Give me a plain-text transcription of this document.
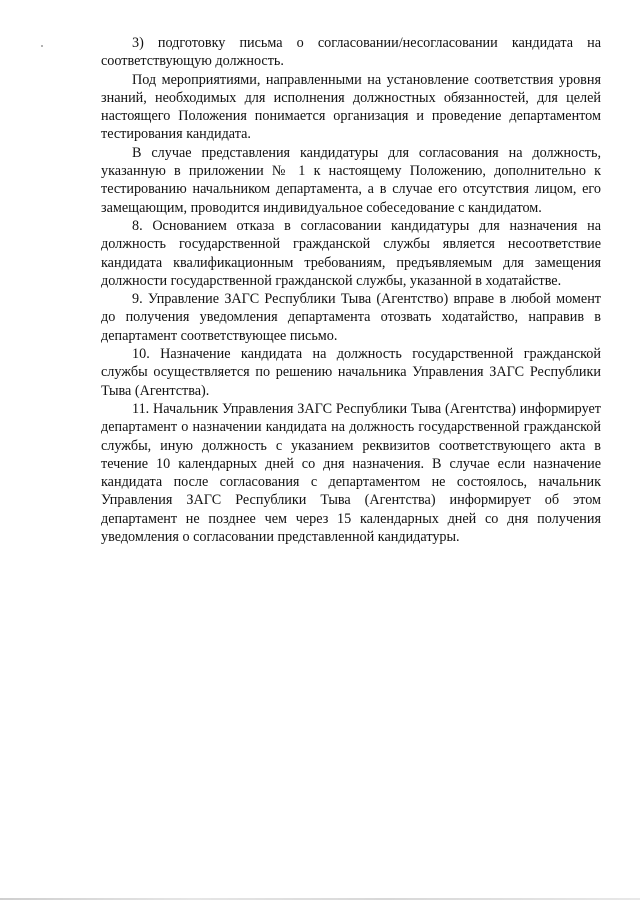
3) подготовку письма о согласовании/несогласовании кандидата на соответствующую должность.

Под мероприятиями, направленными на установление соответствия уровня знаний, необходимых для исполнения должностных обязанностей, для целей настоящего Положения понимается организация и проведение департаментом тестирования кандидата.

В случае представления кандидатуры для согласования на должность, указанную в приложении № 1 к настоящему Положению, дополнительно к тестированию начальником департамента, а в случае его отсутствия лицом, его замещающим, проводится индивидуальное собеседование с кандидатом.

8. Основанием отказа в согласовании кандидатуры для назначения на должность государственной гражданской службы является несоответствие кандидата квалификационным требованиям, предъявляемым для замещения должности государственной гражданской службы, указанной в ходатайстве.

9. Управление ЗАГС Республики Тыва (Агентство) вправе в любой момент до получения уведомления департамента отозвать ходатайство, направив в департамент соответствующее письмо.

10. Назначение кандидата на должность государственной гражданской службы осуществляется по решению начальника Управления ЗАГС Республики Тыва (Агентства).

11. Начальник Управления ЗАГС Республики Тыва (Агентства) информирует департамент о назначении кандидата на должность государственной гражданской службы, иную должность с указанием реквизитов соответствующего акта в течение 10 календарных дней со дня назначения. В случае если назначение кандидата после согласования с департаментом не состоялось, начальник Управления ЗАГС Республики Тыва (Агентства) информирует об этом департамент не позднее чем через 15 календарных дней со дня получения уведомления о согласовании представленной кандидатуры.
